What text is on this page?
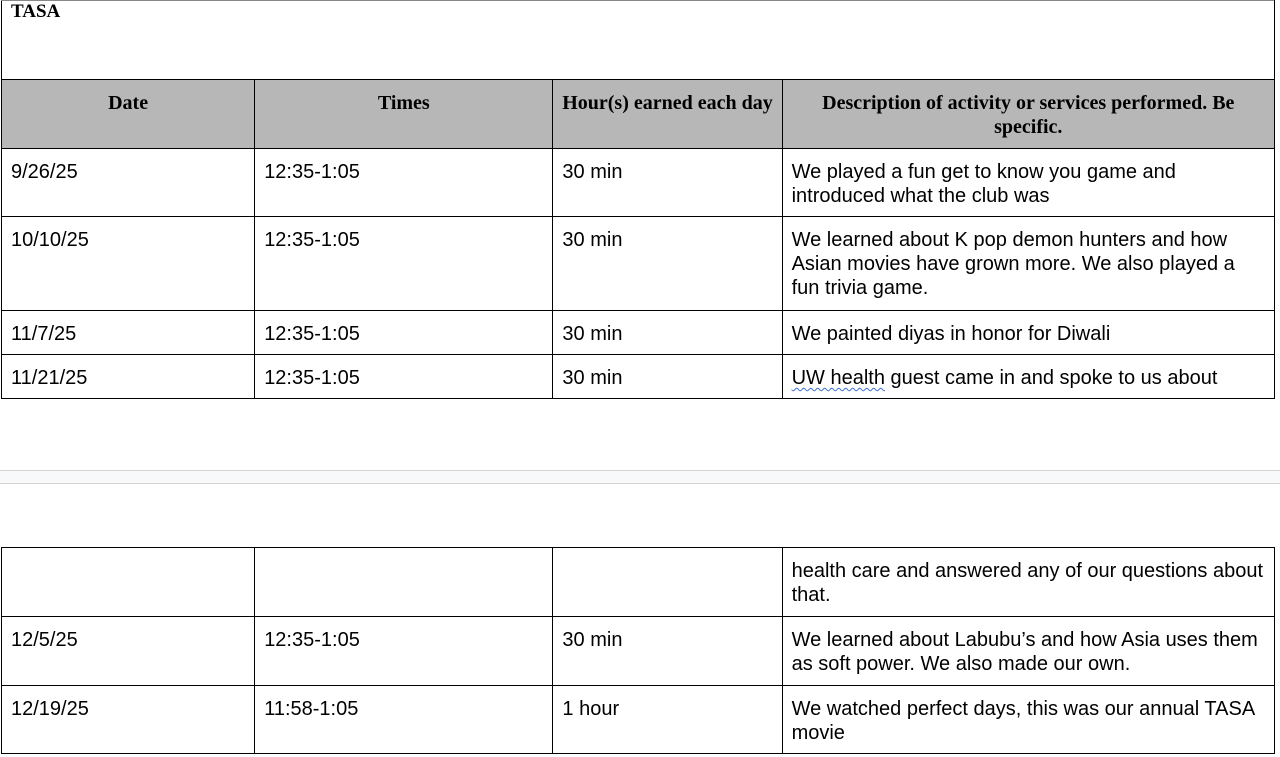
TASA			
Date	Times	Hour(s) earned each day	Description of activity or services performed. Be specific.
9/26/25	12:35-1:05	30 min	We played a fun get to know you game and introduced what the club was
10/10/25	12:35-1:05	30 min	We learned about K pop demon hunters and how Asian movies have grown more. We also played a fun trivia game.
11/7/25	12:35-1:05	30 min	We painted diyas in honor for Diwali
11/21/25	12:35-1:05	30 min	UW health guest came in and spoke to us about
			health care and answered any of our questions about that.
12/5/25	12:35-1:05	30 min	We learned about Labubu’s and how Asia uses them as soft power. We also made our own.
12/19/25	11:58-1:05	1 hour	We watched perfect days, this was our annual TASA movie
